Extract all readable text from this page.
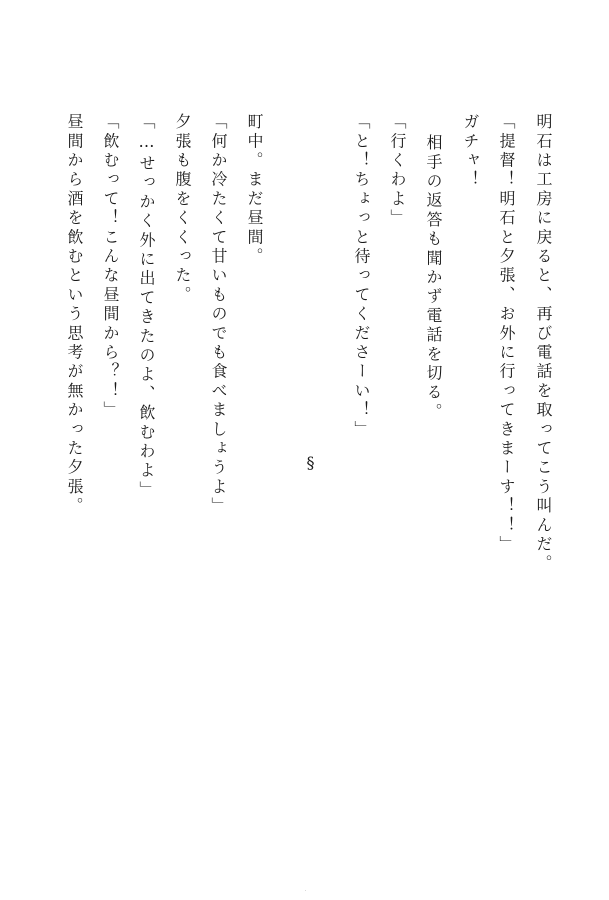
明石は工房に戻ると、再び電話を取ってこう叫んだ。
「提督！明石と夕張、お外に行ってきまーす！！」
ガチャ！
相手の返答も聞かず電話を切る。
「行くわよ」
「と！ちょっと待ってくださーい！」
§
町中。まだ昼間。
「何か冷たくて甘いものでも食べましょうよ」
夕張も腹をくくった。
「…せっかく外に出てきたのよ、飲むわよ」
「飲むって！こんな昼間から？！」
昼間から酒を飲むという思考が無かった夕張。
